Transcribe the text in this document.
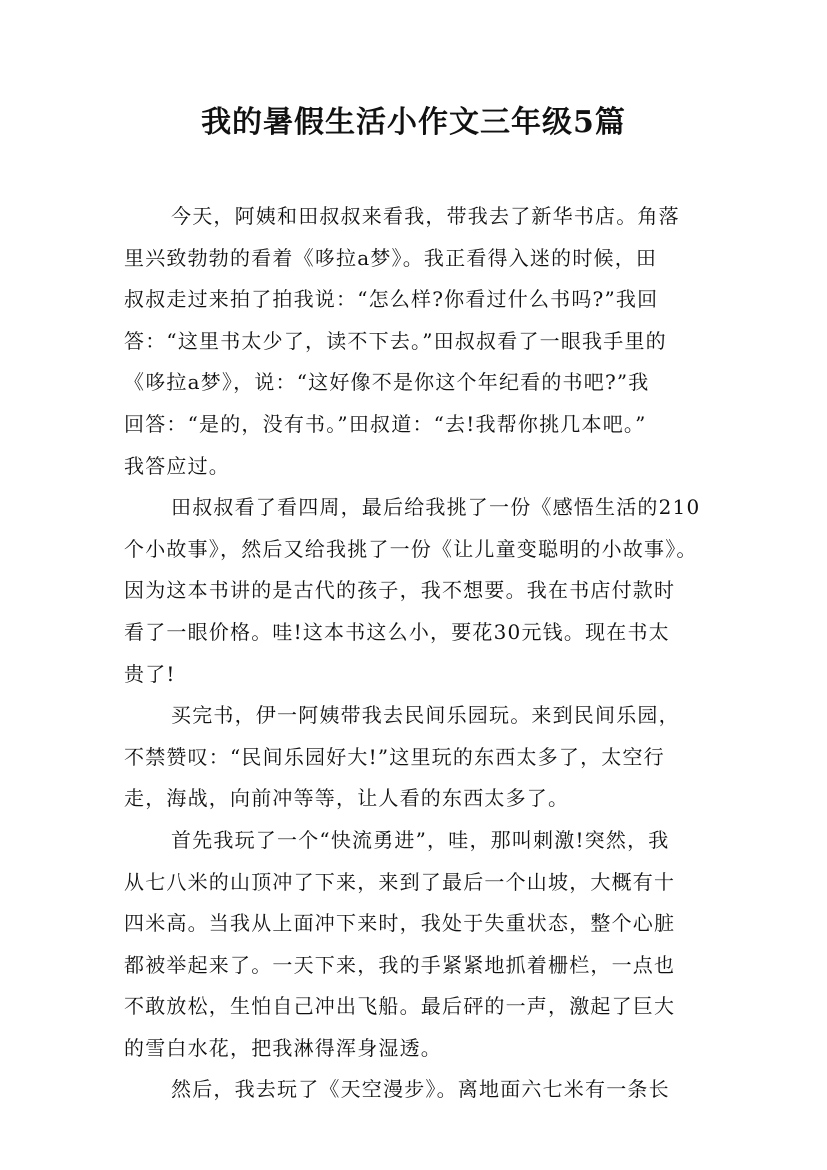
我的暑假生活小作文三年级5篇
今天，阿姨和田叔叔来看我，带我去了新华书店。角落
里兴致勃勃的看着《哆拉a梦》。我正看得入迷的时候，田
叔叔走过来拍了拍我说：“怎么样?你看过什么书吗?”我回
答：“这里书太少了，读不下去。”田叔叔看了一眼我手里的
《哆拉a梦》，说：“这好像不是你这个年纪看的书吧?”我
回答：“是的，没有书。”田叔道：“去!我帮你挑几本吧。”
我答应过。
田叔叔看了看四周，最后给我挑了一份《感悟生活的210
个小故事》，然后又给我挑了一份《让儿童变聪明的小故事》。
因为这本书讲的是古代的孩子，我不想要。我在书店付款时
看了一眼价格。哇!这本书这么小，要花30元钱。现在书太
贵了!
买完书，伊一阿姨带我去民间乐园玩。来到民间乐园，
不禁赞叹：“民间乐园好大!”这里玩的东西太多了，太空行
走，海战，向前冲等等，让人看的东西太多了。
首先我玩了一个“快流勇进”，哇，那叫刺激!突然，我
从七八米的山顶冲了下来，来到了最后一个山坡，大概有十
四米高。当我从上面冲下来时，我处于失重状态，整个心脏
都被举起来了。一天下来，我的手紧紧地抓着栅栏，一点也
不敢放松，生怕自己冲出飞船。最后砰的一声，激起了巨大
的雪白水花，把我淋得浑身湿透。
然后，我去玩了《天空漫步》。离地面六七米有一条长
